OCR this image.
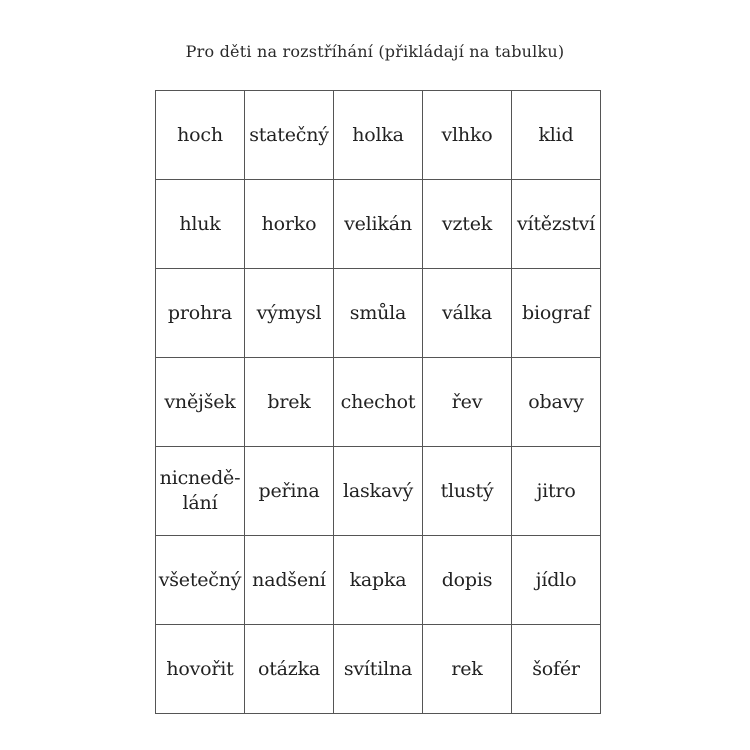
Pro děti na rozstříhání (přikládají na tabulku)
hoch	statečný	holka	vlhko	klid
hluk	horko	velikán	vztek	vítězství
prohra	výmysl	smůla	válka	biograf
vnějšek	brek	chechot	řev	obavy
nicnedě-
lání	peřina	laskavý	tlustý	jitro
všetečný	nadšení	kapka	dopis	jídlo
hovořit	otázka	svítilna	rek	šofér
